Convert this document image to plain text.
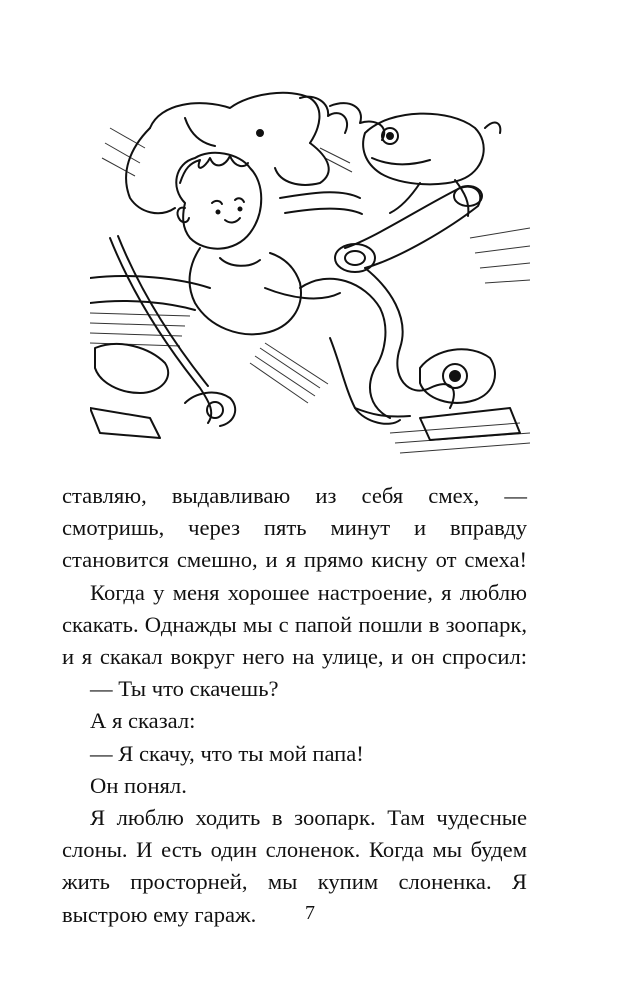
ставляю, выдавливаю из себя смех, — смотришь, через пять минут и вправду становится смешно, и я прямо кисну от смеха!

Когда у меня хорошее настроение, я люблю скакать. Однажды мы с папой пошли в зоопарк, и я скакал вокруг него на улице, и он спросил:

— Ты что скачешь?

А я сказал:

— Я скачу, что ты мой папа!

Он понял.

Я люблю ходить в зоопарк. Там чудесные слоны. И есть один слоненок. Когда мы будем жить просторней, мы купим слоненка. Я выстрою ему гараж.	7
